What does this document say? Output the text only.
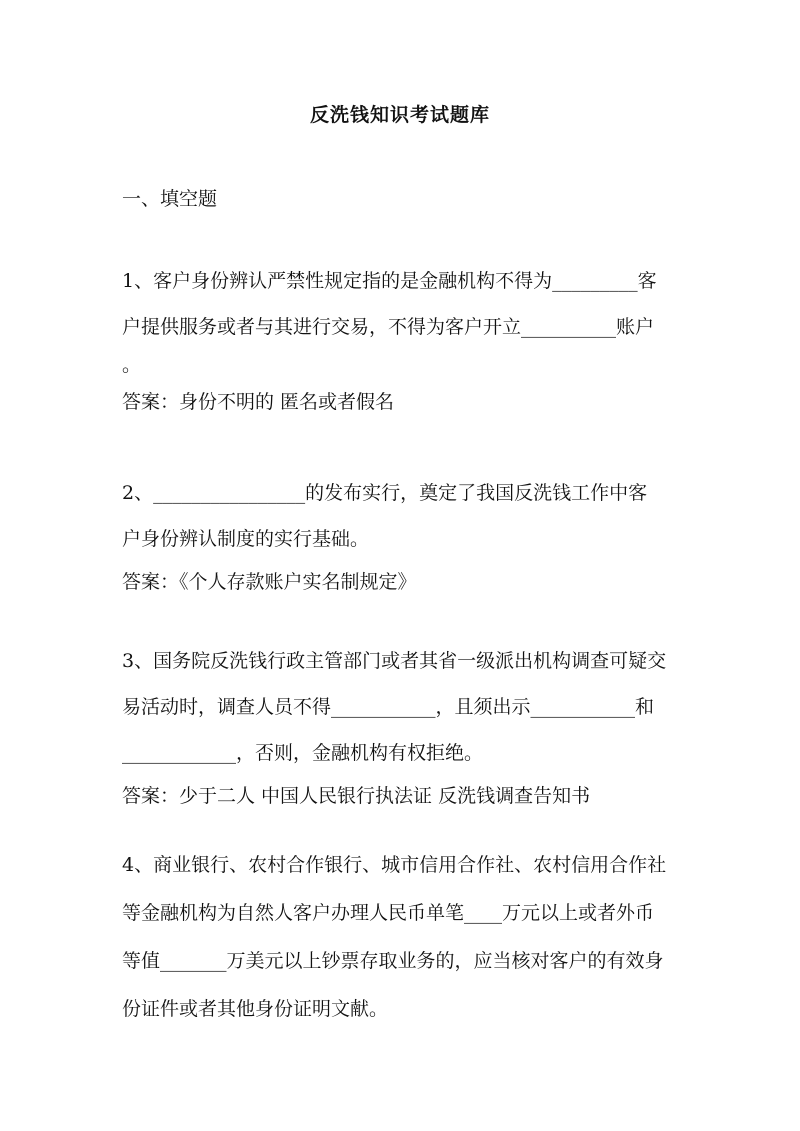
反洗钱知识考试题库
一、填空题
1、客户身份辨认严禁性规定指的是金融机构不得为_________客
户提供服务或者与其进行交易，不得为客户开立__________账户
。
答案：身份不明的 匿名或者假名
2、________________的发布实行，奠定了我国反洗钱工作中客
户身份辨认制度的实行基础。
答案：《个人存款账户实名制规定》
3、国务院反洗钱行政主管部门或者其省一级派出机构调查可疑交
易活动时，调查人员不得___________，且须出示___________和
____________，否则，金融机构有权拒绝。
答案：少于二人 中国人民银行执法证 反洗钱调查告知书
4、商业银行、农村合作银行、城市信用合作社、农村信用合作社
等金融机构为自然人客户办理人民币单笔____万元以上或者外币
等值_______万美元以上钞票存取业务的，应当核对客户的有效身
份证件或者其他身份证明文献。
